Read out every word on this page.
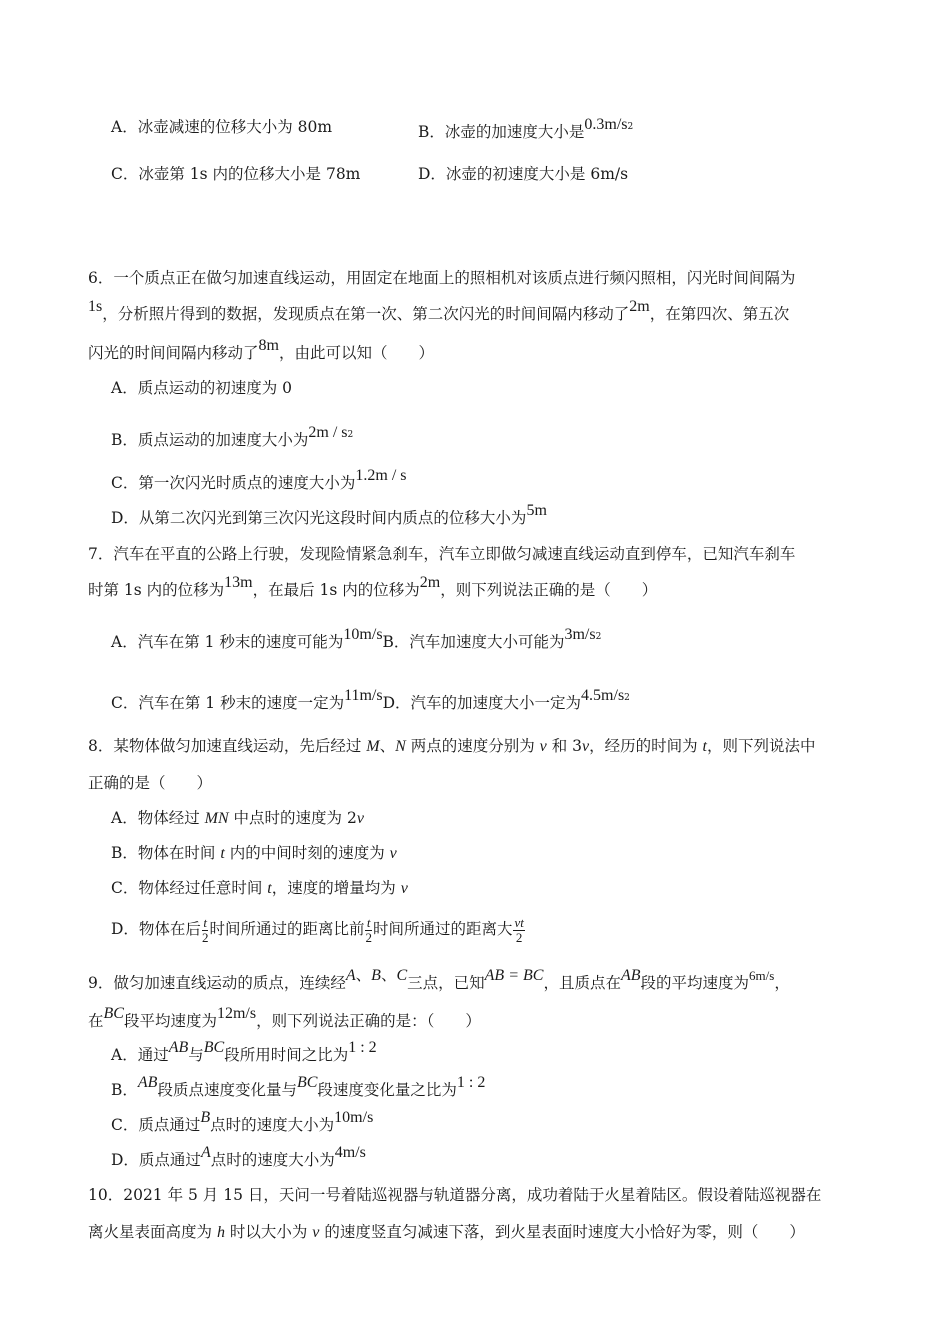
A．冰壶减速的位移大小为 80m	B．冰壶的加速度大小是$0.3m/s^2$
C．冰壶第 1s 内的位移大小是 78m	D．冰壶的初速度大小是 6m/s
6．一个质点正在做匀加速直线运动，用固定在地面上的照相机对该质点进行频闪照相，闪光时间间隔为
1s，分析照片得到的数据，发现质点在第一次、第二次闪光的时间间隔内移动了2m，在第四次、第五次
闪光的时间间隔内移动了8m，由此可以知（　　）
A．质点运动的初速度为 0
B．质点运动的加速度大小为$2m / s^2$
C．第一次闪光时质点的速度大小为1.2m / s
D．从第二次闪光到第三次闪光这段时间内质点的位移大小为5m
7．汽车在平直的公路上行驶，发现险情紧急刹车，汽车立即做匀减速直线运动直到停车，已知汽车刹车
时第 1s 内的位移为13m，在最后 1s 内的位移为2m，则下列说法正确的是（　　）
A．汽车在第 1 秒末的速度可能为10m/sB．汽车加速度大小可能为$3m/s^2$
C．汽车在第 1 秒末的速度一定为11m/sD．汽车的加速度大小一定为$4.5m/s^2$
8．某物体做匀加速直线运动，先后经过 M、N 两点的速度分别为 v 和 3v，经历的时间为 t，则下列说法中
正确的是（　　）
A．物体经过 MN 中点时的速度为 2v
B．物体在时间 t 内的中间时刻的速度为 v
C．物体经过任意时间 t，速度的增量均为 v
D．物体在后 $\frac{t}{2}$ 时间所通过的距离比前 $\frac{t}{2}$ 时间所通过的距离大 $\frac{vt}{2}$
9．做匀加速直线运动的质点，连续经A、B、C三点，已知AB = BC，且质点在AB段的平均速度为$^{6m/s}$，
在BC段平均速度为12m/s，则下列说法正确的是：（　　）
A．通过AB与BC段所用时间之比为1 : 2
B．AB段质点速度变化量与BC段速度变化量之比为1 : 2
C．质点通过B点时的速度大小为10m/s
D．质点通过A点时的速度大小为4m/s
10．2021 年 5 月 15 日，天问一号着陆巡视器与轨道器分离，成功着陆于火星着陆区。假设着陆巡视器在
离火星表面高度为 h 时以大小为 v 的速度竖直匀减速下落，到火星表面时速度大小恰好为零，则（　　）
